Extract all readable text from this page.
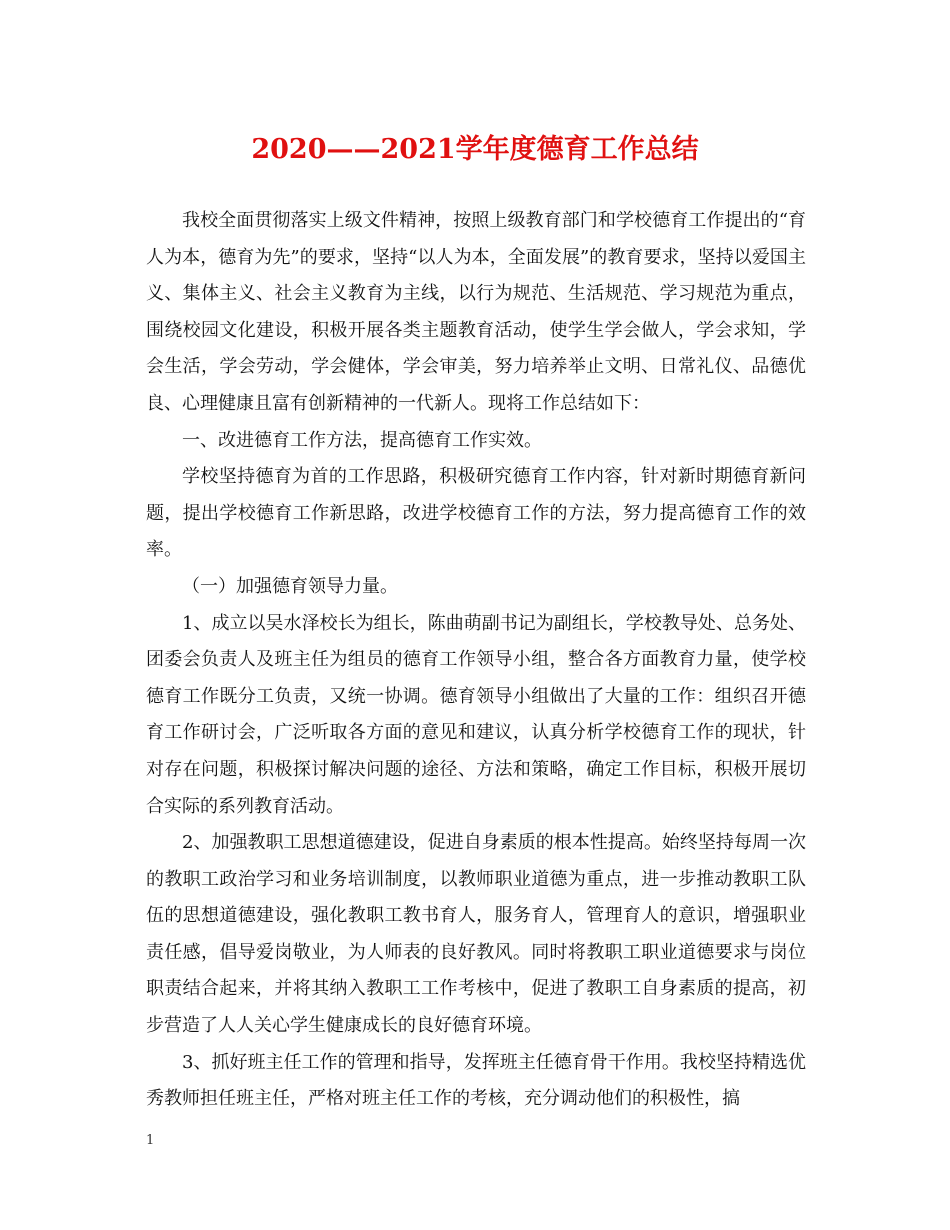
2020——2021学年度德育工作总结

我校全面贯彻落实上级文件精神，按照上级教育部门和学校德育工作提出的“育人为本，德育为先”的要求，坚持“以人为本，全面发展”的教育要求，坚持以爱国主义、集体主义、社会主义教育为主线，以行为规范、生活规范、学习规范为重点，围绕校园文化建设，积极开展各类主题教育活动，使学生学会做人，学会求知，学会生活，学会劳动，学会健体，学会审美，努力培养举止文明、日常礼仪、品德优良、心理健康且富有创新精神的一代新人。现将工作总结如下：

一、改进德育工作方法，提高德育工作实效。

学校坚持德育为首的工作思路，积极研究德育工作内容，针对新时期德育新问题，提出学校德育工作新思路，改进学校德育工作的方法，努力提高德育工作的效率。

（一）加强德育领导力量。

1、成立以吴水泽校长为组长，陈曲萌副书记为副组长，学校教导处、总务处、团委会负责人及班主任为组员的德育工作领导小组，整合各方面教育力量，使学校德育工作既分工负责，又统一协调。德育领导小组做出了大量的工作：组织召开德育工作研讨会，广泛听取各方面的意见和建议，认真分析学校德育工作的现状，针对存在问题，积极探讨解决问题的途径、方法和策略，确定工作目标，积极开展切合实际的系列教育活动。

2、加强教职工思想道德建设，促进自身素质的根本性提高。始终坚持每周一次的教职工政治学习和业务培训制度，以教师职业道德为重点，进一步推动教职工队伍的思想道德建设，强化教职工教书育人，服务育人，管理育人的意识，增强职业责任感，倡导爱岗敬业，为人师表的良好教风。同时将教职工职业道德要求与岗位职责结合起来，并将其纳入教职工工作考核中，促进了教职工自身素质的提高，初步营造了人人关心学生健康成长的良好德育环境。

3、抓好班主任工作的管理和指导，发挥班主任德育骨干作用。我校坚持精选优秀教师担任班主任，严格对班主任工作的考核，充分调动他们的积极性，搞

1
